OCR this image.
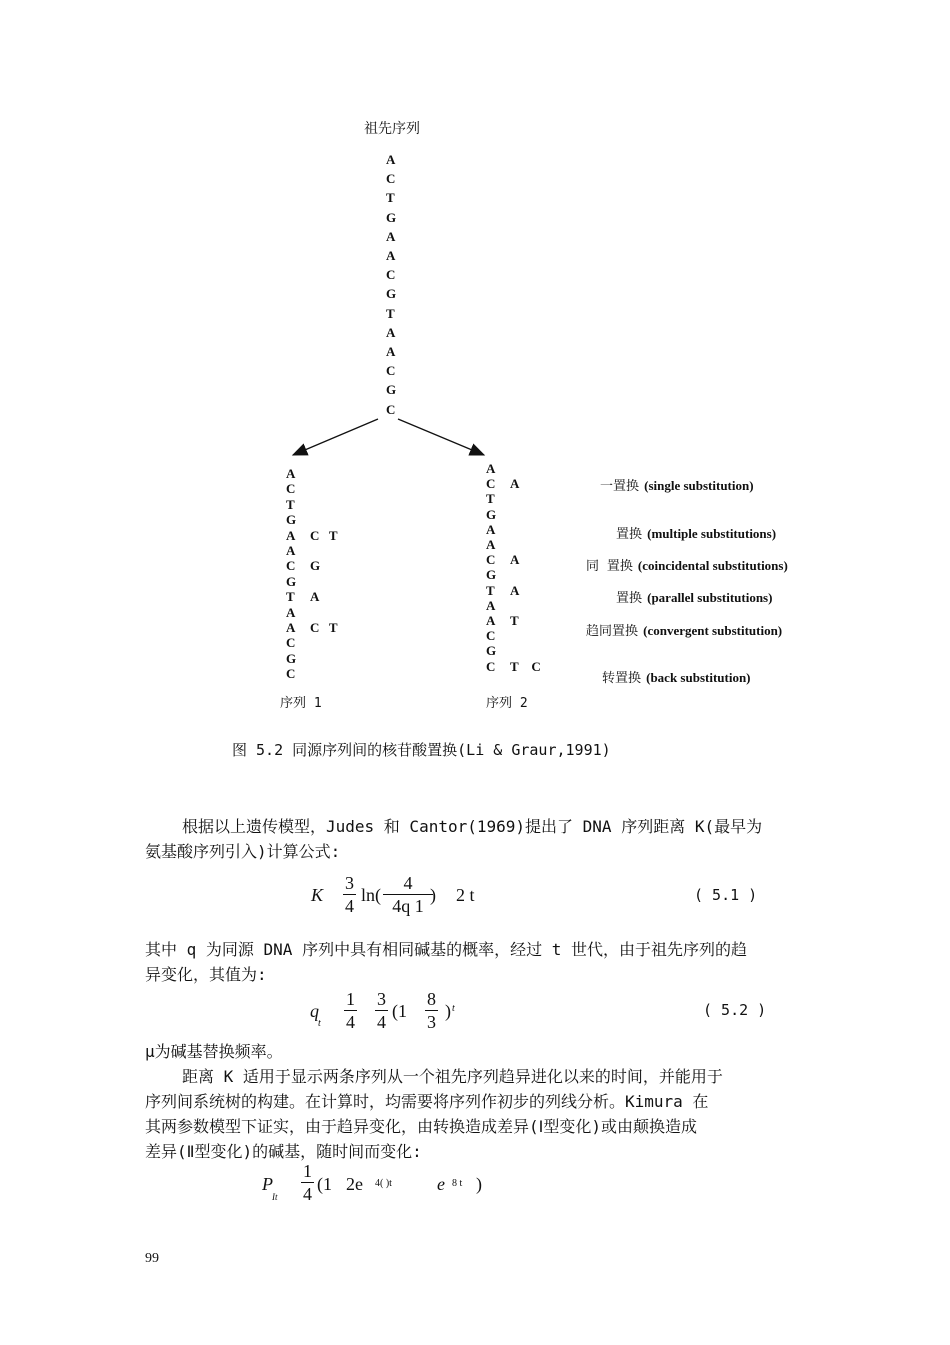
祖先序列
A
C
T
G
A
A
C
G
T
A
A
C
G
C
A
C
T
G
A
A
C
G
T
A
A
C
G
C

C   T

G

A

C   T

序列 1
A
C
T
G
A
A
C
G
T
A
A
C
G
C

A

A

A

T

T    C
序列 2
一置换 (single substitution)
置换 (multiple substitutions)
同 置换 (coincidental substitutions)
置换 (parallel substitutions)
趋同置换 (convergent substitution)
转置换 (back substitution)
图 5.2 同源序列间的核苷酸置换(Li & Graur,1991)
根据以上遗传模型，Judes 和 Cantor(1969)提出了 DNA 序列距离 K(最早为
氨基酸序列引入)计算公式:
K $\frac{3}{4} \ln( \frac{4}{4q 1}$
) 2 t	( 5.1 )
其中 q 为同源 DNA 序列中具有相同碱基的概率，经过 t 世代，由于祖先序列的趋
异变化，其值为:
q
t $\frac{1}{4} \frac{3}{4} (1 \frac{8}{3}$ ) t	( 5.2 )
μ为碱基替换频率。
距离 K 适用于显示两条序列从一个祖先序列趋异进化以来的时间，并能用于
序列间系统树的构建。在计算时，均需要将序列作初步的列线分析。Kimura 在
其两参数模型下证实，由于趋异变化，由转换造成差异(Ⅰ型变化)或由颠换造成
差异(Ⅱ型变化)的碱基，随时间而变化:
P
It $\frac{1}{4} (1$ 2e 4( )t	e 8 t )
99
